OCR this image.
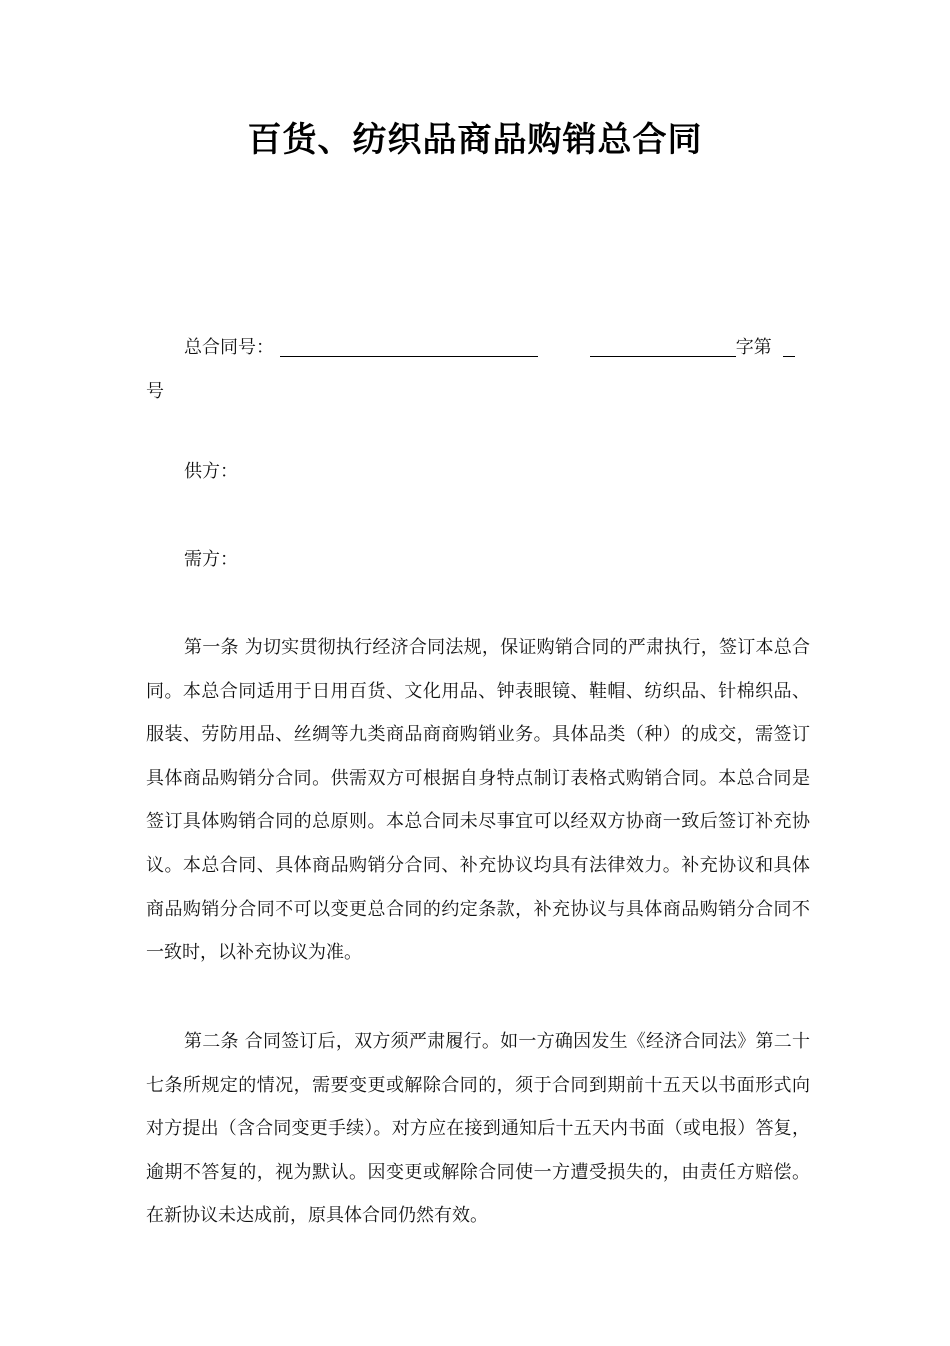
百货、纺织品商品购销总合同
总合同号：	字第
号
供方：
需方：
第一条 为切实贯彻执行经济合同法规，保证购销合同的严肃执行，签订本总合同。本总合同适用于日用百货、文化用品、钟表眼镜、鞋帽、纺织品、针棉织品、服装、劳防用品、丝绸等九类商品商商购销业务。具体品类（种）的成交，需签订具体商品购销分合同。供需双方可根据自身特点制订表格式购销合同。本总合同是签订具体购销合同的总原则。本总合同未尽事宜可以经双方协商一致后签订补充协议。本总合同、具体商品购销分合同、补充协议均具有法律效力。补充协议和具体商品购销分合同不可以变更总合同的约定条款，补充协议与具体商品购销分合同不一致时，以补充协议为准。
第二条 合同签订后，双方须严肃履行。如一方确因发生《经济合同法》第二十七条所规定的情况，需要变更或解除合同的，须于合同到期前十五天以书面形式向对方提出（含合同变更手续）。对方应在接到通知后十五天内书面（或电报）答复，逾期不答复的，视为默认。因变更或解除合同使一方遭受损失的，由责任方赔偿。在新协议未达成前，原具体合同仍然有效。
